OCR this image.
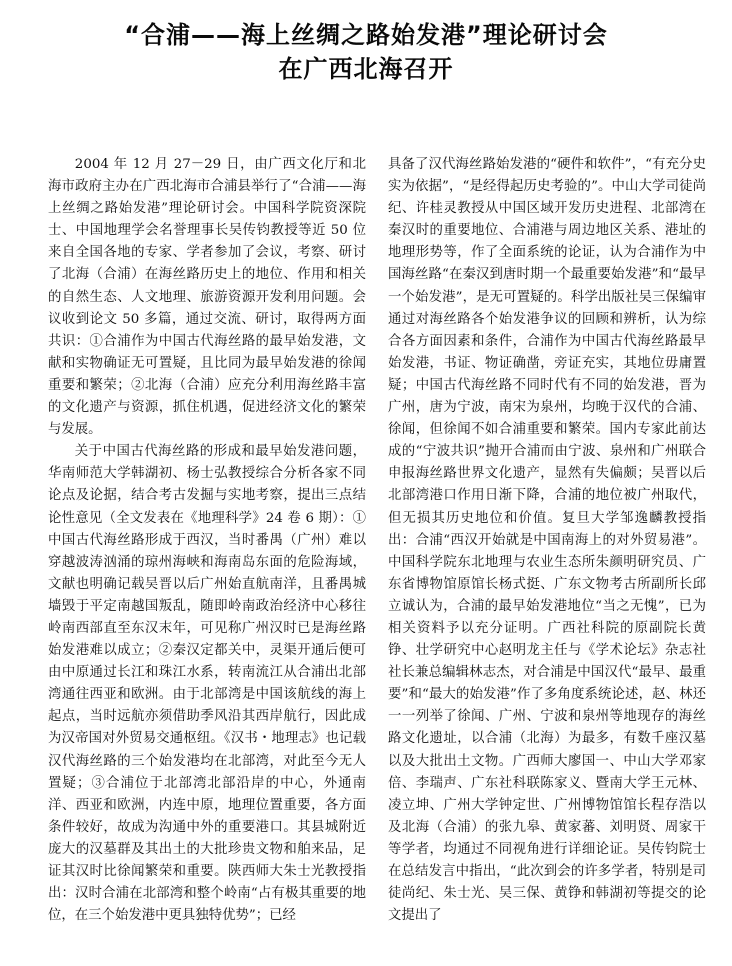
“合浦——海上丝绸之路始发港”理论研讨会
在广西北海召开

2004 年 12 月 27－29 日，由广西文化厅和北海市政府主办在广西北海市合浦县举行了“合浦——海上丝绸之路始发港”理论研讨会。中国科学院资深院士、中国地理学会名誉理事长吴传钧教授等近 50 位来自全国各地的专家、学者参加了会议，考察、研讨了北海（合浦）在海丝路历史上的地位、作用和相关的自然生态、人文地理、旅游资源开发利用问题。会议收到论文 50 多篇，通过交流、研讨，取得两方面共识：①合浦作为中国古代海丝路的最早始发港，文献和实物确证无可置疑，且比同为最早始发港的徐闻重要和繁荣；②北海（合浦）应充分利用海丝路丰富的文化遗产与资源，抓住机遇，促进经济文化的繁荣与发展。

关于中国古代海丝路的形成和最早始发港问题，华南师范大学韩湖初、杨士弘教授综合分析各家不同论点及论据，结合考古发掘与实地考察，提出三点结论性意见（全文发表在《地理科学》24 卷 6 期）：①中国古代海丝路形成于西汉，当时番禺（广州）难以穿越波涛汹涌的琼州海峡和海南岛东面的危险海域，文献也明确记载吴晋以后广州始直航南洋，且番禺城墙毁于平定南越国叛乱，随即岭南政治经济中心移往岭南西部直至东汉末年，可见称广州汉时已是海丝路始发港难以成立；②秦汉定都关中，灵渠开通后便可由中原通过长江和珠江水系，转南流江从合浦出北部湾通往西亚和欧洲。由于北部湾是中国该航线的海上起点，当时远航亦须借助季风沿其西岸航行，因此成为汉帝国对外贸易交通枢纽。《汉书・地理志》也记载汉代海丝路的三个始发港均在北部湾，对此至今无人置疑；③合浦位于北部湾北部沿岸的中心，外通南洋、西亚和欧洲，内连中原，地理位置重要，各方面条件较好，故成为沟通中外的重要港口。其县城附近庞大的汉墓群及其出土的大批珍贵文物和舶来品，足证其汉时比徐闻繁荣和重要。陕西师大朱士光教授指出：汉时合浦在北部湾和整个岭南“占有极其重要的地位，在三个始发港中更具独特优势”；已经

具备了汉代海丝路始发港的“硬件和软件”，“有充分史实为依据”，“是经得起历史考验的”。中山大学司徒尚纪、许桂灵教授从中国区域开发历史进程、北部湾在秦汉时的重要地位、合浦港与周边地区关系、港址的地理形势等，作了全面系统的论证，认为合浦作为中国海丝路“在秦汉到唐时期一个最重要始发港”和“最早一个始发港”，是无可置疑的。科学出版社吴三保编审通过对海丝路各个始发港争议的回顾和辨析，认为综合各方面因素和条件，合浦作为中国古代海丝路最早始发港，书证、物证确凿，旁证充实，其地位毋庸置疑；中国古代海丝路不同时代有不同的始发港，晋为广州，唐为宁波，南宋为泉州，均晚于汉代的合浦、徐闻，但徐闻不如合浦重要和繁荣。国内专家此前达成的“宁波共识”抛开合浦而由宁波、泉州和广州联合申报海丝路世界文化遗产，显然有失偏颇；吴晋以后北部湾港口作用日渐下降，合浦的地位被广州取代，但无损其历史地位和价值。复旦大学邹逸麟教授指出：合浦“西汉开始就是中国南海上的对外贸易港”。中国科学院东北地理与农业生态所朱颜明研究员、广东省博物馆原馆长杨式挺、广东文物考古所副所长邱立诚认为，合浦的最早始发港地位“当之无愧”，已为相关资料予以充分证明。广西社科院的原副院长黄铮、壮学研究中心赵明龙主任与《学术论坛》杂志社社长兼总编辑林志杰，对合浦是中国汉代“最早、最重要”和“最大的始发港”作了多角度系统论述，赵、林还一一列举了徐闻、广州、宁波和泉州等地现存的海丝路文化遗址，以合浦（北海）为最多，有数千座汉墓以及大批出土文物。广西师大廖国一、中山大学邓家倍、李瑞声、广东社科联陈家义、暨南大学王元林、凌立坤、广州大学钟定世、广州博物馆馆长程存浩以及北海（合浦）的张九皋、黄家蕃、刘明贤、周家干等学者，均通过不同视角进行详细论证。吴传钧院士在总结发言中指出，“此次到会的许多学者，特别是司徒尚纪、朱士光、吴三保、黄铮和韩湖初等提交的论文提出了
